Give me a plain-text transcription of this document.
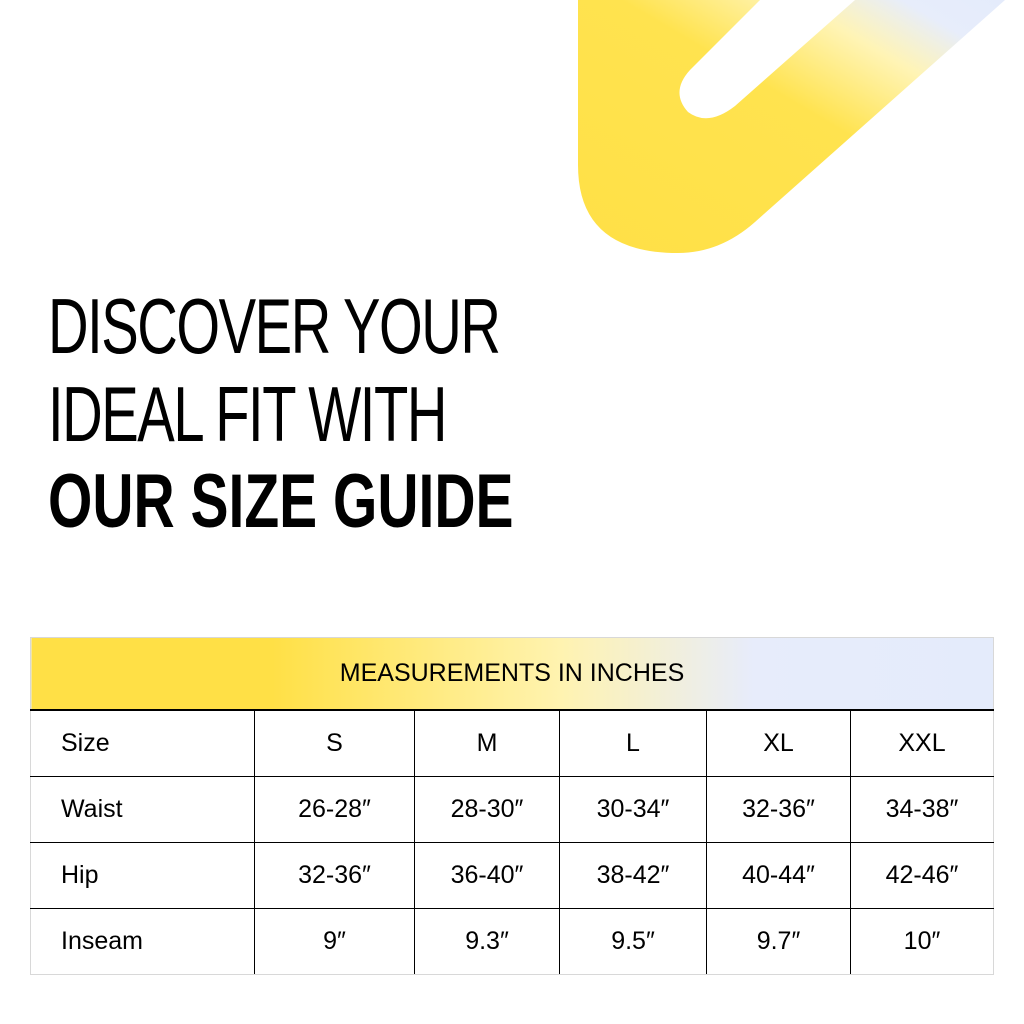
DISCOVER YOUR
IDEAL FIT WITH
OUR SIZE GUIDE
MEASUREMENTS IN INCHES					
Size	S	M	L	XL	XXL
Waist	26-28″	28-30″	30-34″	32-36″	34-38″
Hip	32-36″	36-40″	38-42″	40-44″	42-46″
Inseam	9″	9.3″	9.5″	9.7″	10″
